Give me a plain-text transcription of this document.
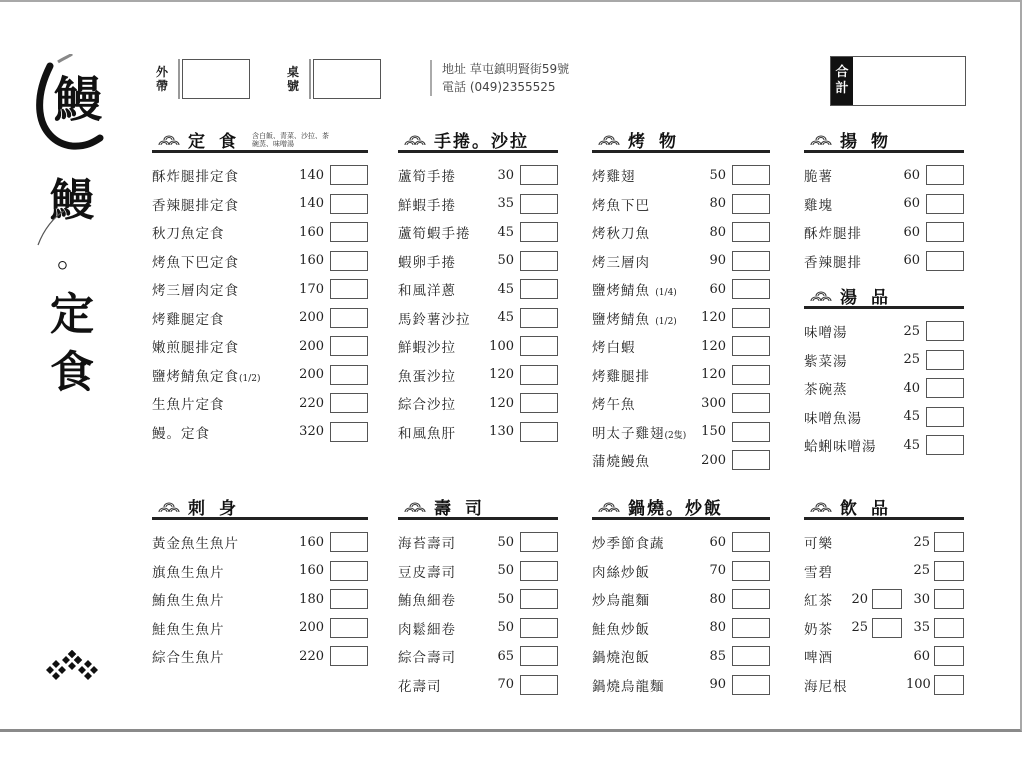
鰻
鰻
。
定
食
外
帶
桌
號
地址 草屯鎮明賢街59號
電話 (049)2355525
合
計
定食 含白飯、青菜、沙拉、茶碗蒸、味噌湯
酥炸腿排定食	140
香辣腿排定食	140
秋刀魚定食	160
烤魚下巴定食	160
烤三層肉定食	170
烤雞腿定食	200
嫩煎腿排定食	200
鹽烤鯖魚定食(1/2)	200
生魚片定食	220
鰻。定食	320
手捲。沙拉
蘆筍手捲	30
鮮蝦手捲	35
蘆筍蝦手捲	45
蝦卵手捲	50
和風洋蔥	45
馬鈴薯沙拉	45
鮮蝦沙拉	100
魚蛋沙拉	120
綜合沙拉	120
和風魚肝	130
烤物
烤雞翅	50
烤魚下巴	80
烤秋刀魚	80
烤三層肉	90
鹽烤鯖魚 (1/4)	60
鹽烤鯖魚 (1/2)	120
烤白蝦	120
烤雞腿排	120
烤午魚	300
明太子雞翅(2隻)	150
蒲燒鰻魚	200
揚物
脆薯	60
雞塊	60
酥炸腿排	60
香辣腿排	60
湯品
味噌湯	25
紫菜湯	25
茶碗蒸	40
味噌魚湯	45
蛤蜊味噌湯	45
刺身
黃金魚生魚片	160
旗魚生魚片	160
鮪魚生魚片	180
鮭魚生魚片	200
綜合生魚片	220
壽司
海苔壽司	50
豆皮壽司	50
鮪魚細卷	50
肉鬆細卷	50
綜合壽司	65
花壽司	70
鍋燒。炒飯
炒季節食蔬	60
肉絲炒飯	70
炒烏龍麵	80
鮭魚炒飯	80
鍋燒泡飯	85
鍋燒烏龍麵	90
飲品
可樂	25
雪碧	25
紅茶	20	30
奶茶	25	35
啤酒	60
海尼根	100
